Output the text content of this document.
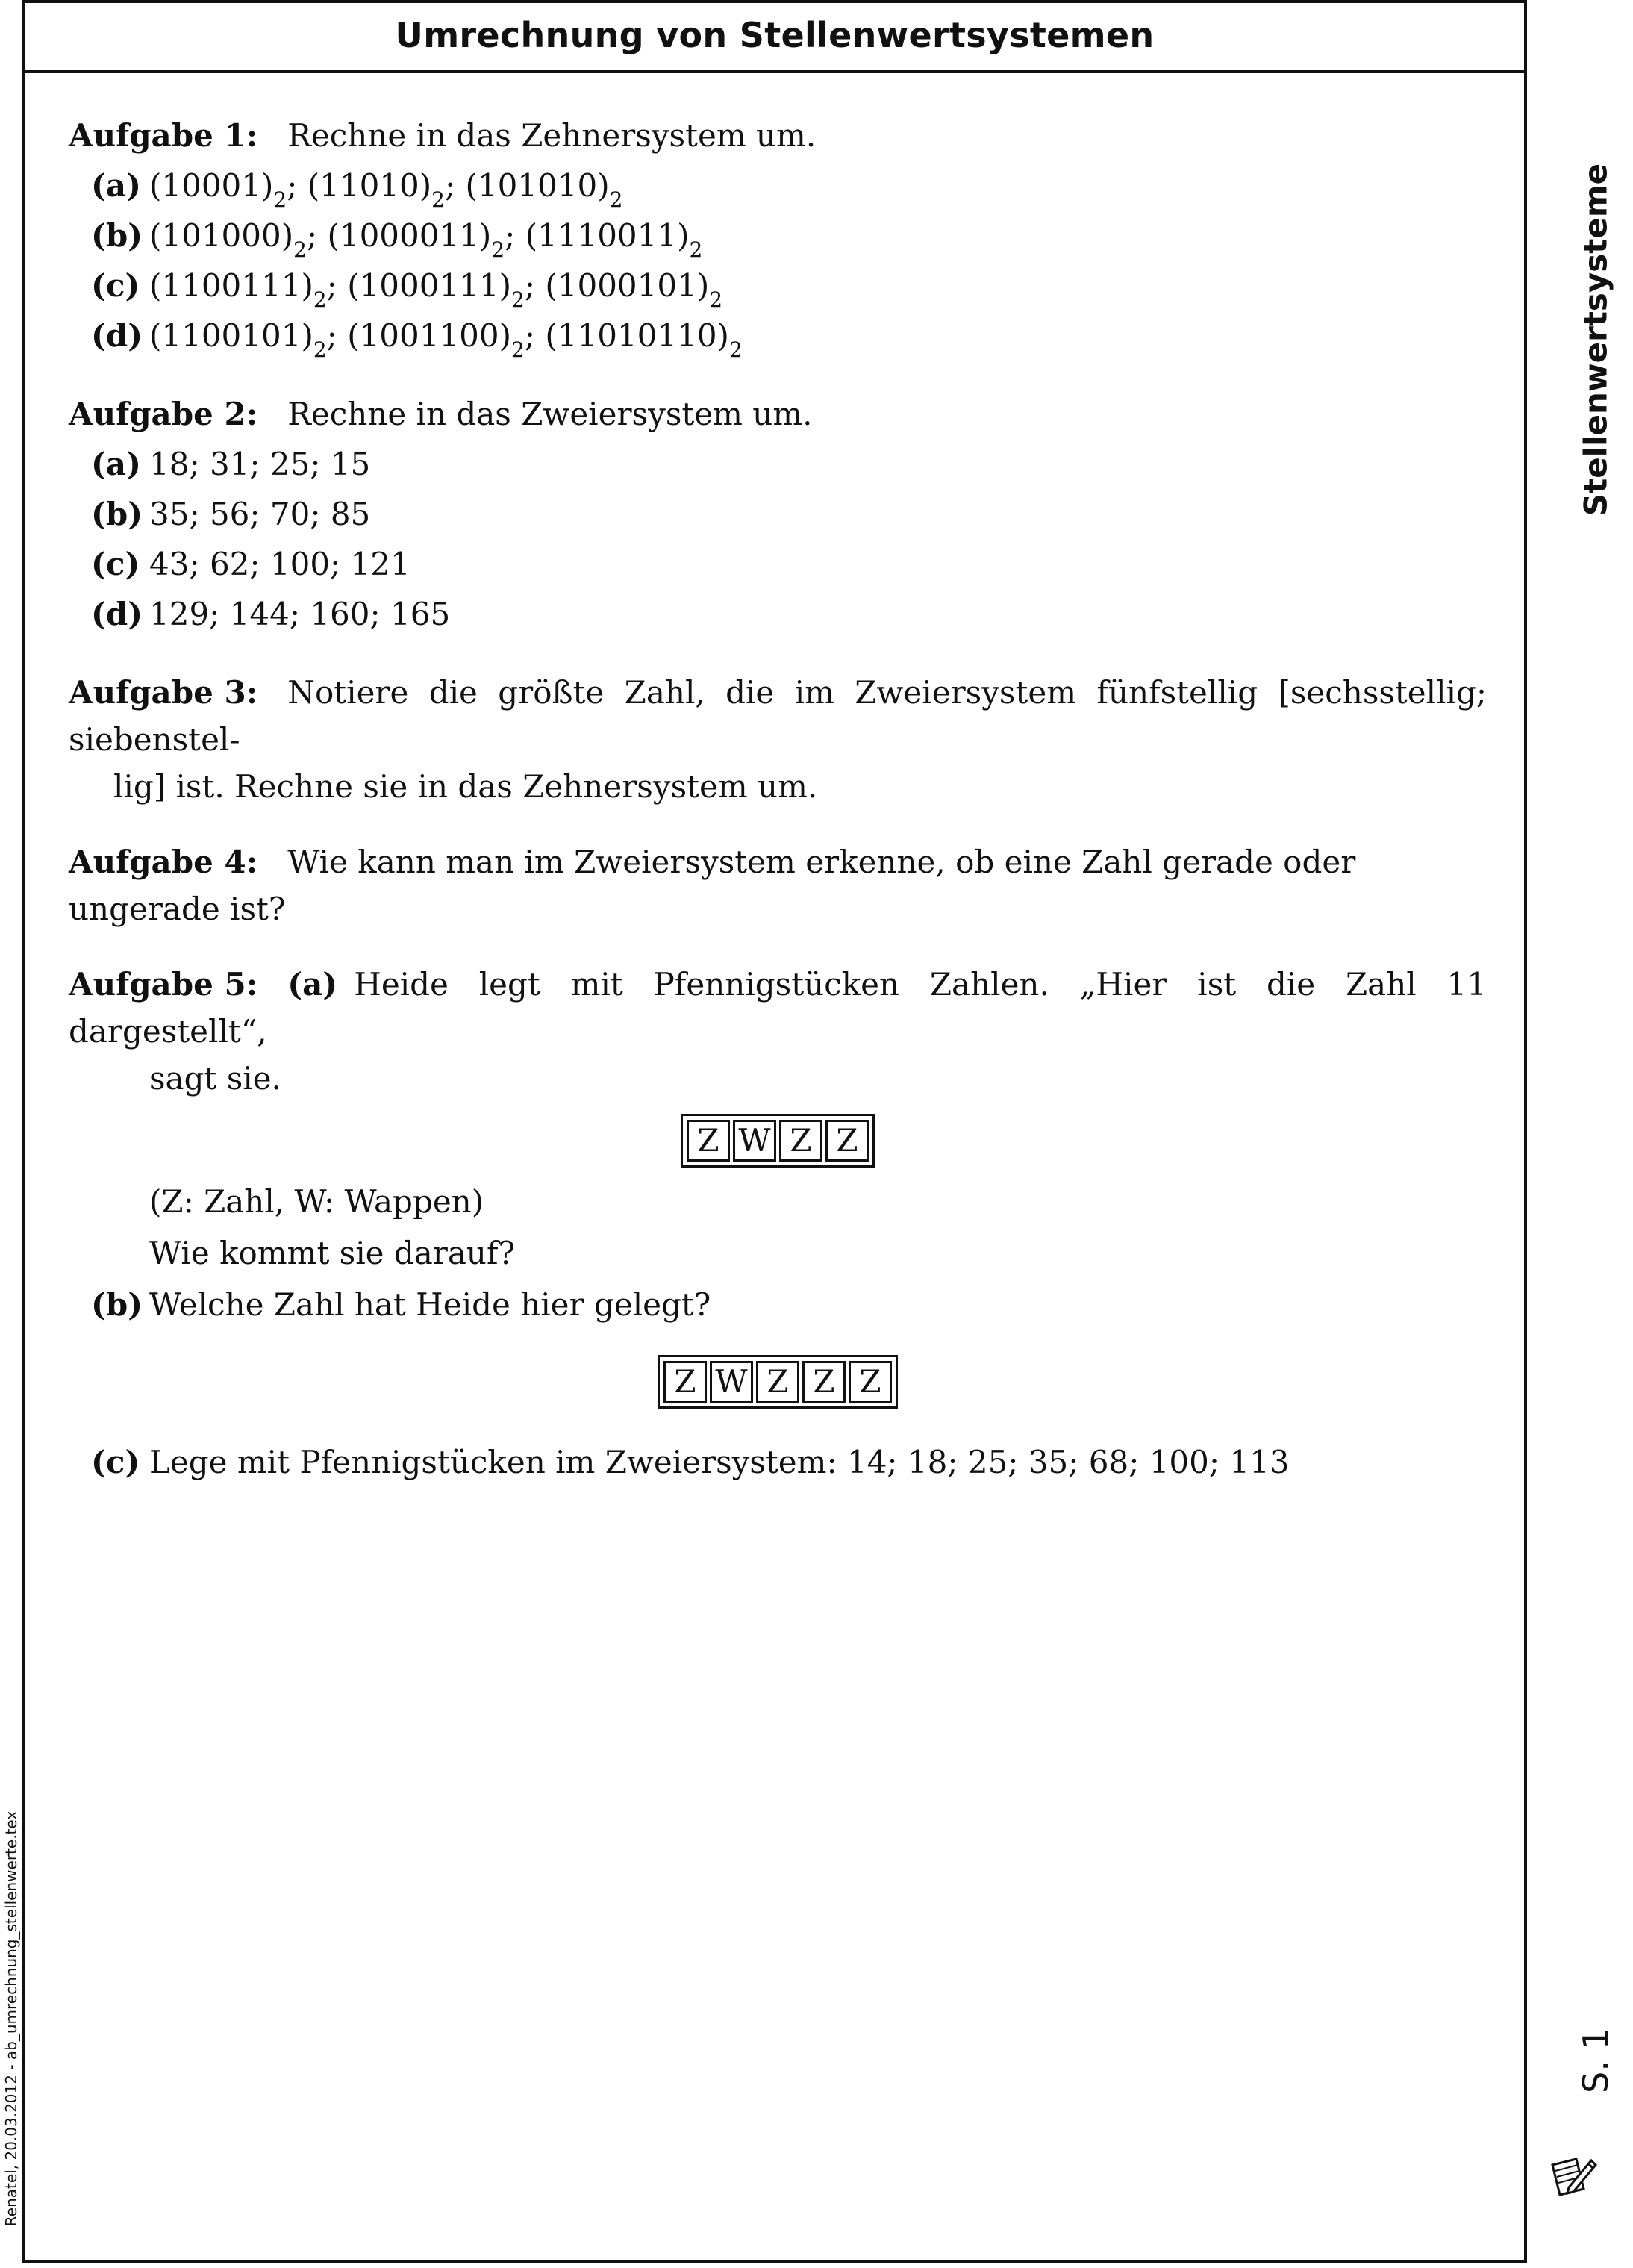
Umrechnung von Stellenwertsystemen
Stellenwertsysteme
S. 1
Renatel, 20.03.2012 - ab_umrechnung_stellenwerte.tex

Aufgabe 1: Rechne in das Zehnersystem um.

(a) $(10001)_2$; $(11010)_2$; $(101010)_2$
(b) $(101000)_2$; $(1000011)_2$; $(1110011)_2$
(c) $(1100111)_2$; $(1000111)_2$; $(1000101)_2$
(d) $(1100101)_2$; $(1001100)_2$; $(11010110)_2$

Aufgabe 2: Rechne in das Zweiersystem um.

(a) 18; 31; 25; 15
(b) 35; 56; 70; 85
(c) 43; 62; 100; 121
(d) 129; 144; 160; 165

Aufgabe 3: Notiere die größte Zahl, die im Zweiersystem fünfstellig [sechsstellig; siebenstel-

lig] ist. Rechne sie in das Zehnersystem um.

Aufgabe 4: Wie kann man im Zweiersystem erkenne, ob eine Zahl gerade oder ungerade ist?

Aufgabe 5: (a) Heide legt mit Pfennigstücken Zahlen. „Hier ist die Zahl 11 dargestellt“,

sagt sie.

Z W Z Z

(Z: Zahl, W: Wappen)

Wie kommt sie darauf?

(b) Welche Zahl hat Heide hier gelegt?
Z W Z Z Z
(c) Lege mit Pfennigstücken im Zweiersystem: 14; 18; 25; 35; 68; 100; 113
